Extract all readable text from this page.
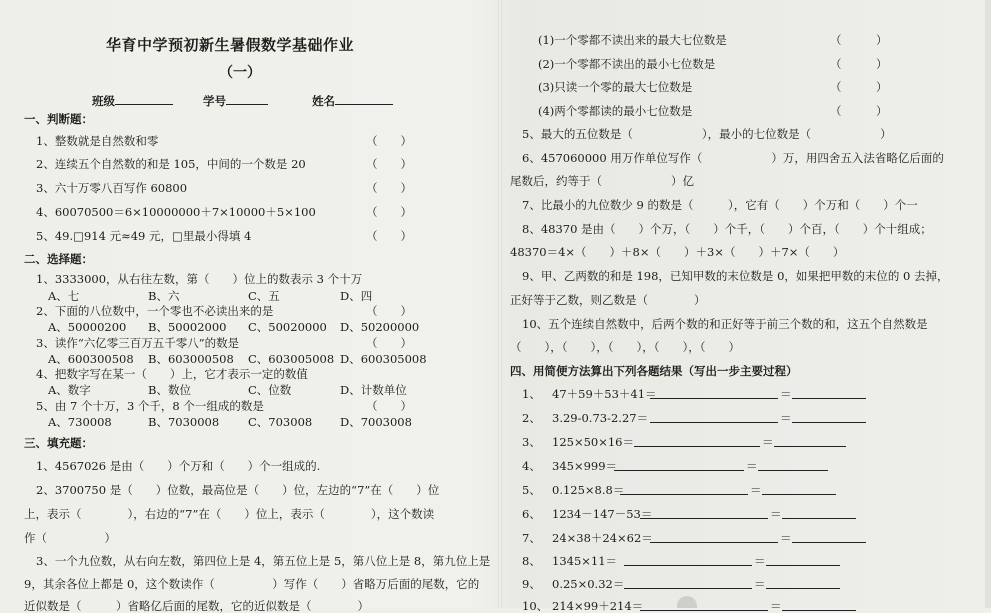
华育中学预初新生暑假数学基础作业
（一）
班级	学号	姓名
一、判断题：
1、整数就是自然数和零	（　　）
2、连续五个自然数的和是 105，中间的一个数是 20	（　　）
3、六十万零八百写作 60800	（　　）
4、60070500＝6×10000000＋7×10000＋5×100	（　　）
5、49.□914 元≈49 元，□里最小得填 4	（　　）
二、选择题：
1、3333000，从右往左数，第（　　）位上的数表示 3 个十万
A、七	B、六	C、五	D、四
2、下面的八位数中，一个零也不必读出来的是	（　　）
A、50000200 B、50002000 C、50020000 D、50200000
3、读作“六亿零三百万五千零八”的数是	（　　）
A、600300508 B、603000508 C、603005008 D、600305008
4、把数字写在某一（　　）上，它才表示一定的数值
A、数字	B、数位	C、位数	D、计数单位
5、由 7 个十万，3 个千，8 个一组成的数是	（　　）
A、730008	B、7030008	C、703008 D、7003008
三、填充题：
1、4567026 是由（　　）个万和（　　）个一组成的.
2、3700750 是（　　）位数，最高位是（　　）位，左边的“7”在（　　）位
上，表示（　　　　），右边的“7”在（　　）位上，表示（　　　　），这个数读
作（　　　　　）
3、一个九位数，从右向左数，第四位上是 4，第五位上是 5，第八位上是 8，第九位上是
9，其余各位上都是 0，这个数读作（　　　　　）写作（　　）省略万后面的尾数，它的
近似数是（　　　）省略亿后面的尾数，它的近似数是（　　　　）
(1)一个零都不读出来的最大七位数是	（　　　）
(2)一个零都不读出的最小七位数是	（　　　）
(3)只读一个零的最大七位数是	（　　　）
(4)两个零都读的最小七位数是	（　　　）
5、最大的五位数是（　　　　　　），最小的七位数是（　　　　　　）
6、457060000 用万作单位写作（　　　　　　）万，用四舍五入法省略亿后面的
尾数后，约等于（　　　　　　）亿
7、比最小的九位数少 9 的数是（　　　），它有（　　）个万和（　　）个一
8、48370 是由（　　）个万，（　　）个千，（　　）个百，（　　）个十组成；
48370＝4×（　　）＋8×（　　）＋3×（　　）＋7×（　　）
9、甲、乙两数的和是 198，已知甲数的末位数是 0，如果把甲数的末位的 0 去掉，
正好等于乙数，则乙数是（　　　　）
10、五个连续自然数中，后两个数的和正好等于前三个数的和，这五个自然数是
（　　），（　　），（　　），（　　），（　　）
四、用简便方法算出下列各题结果（写出一步主要过程）
1、 47＋59＋53＋41＝	＝
2、 3.29-0.73-2.27＝	＝
3、 125×50×16＝	＝
4、 345×999＝	＝
5、 0.125×8.8＝	＝
6、 1234－147－53＝	＝
7、 24×38＋24×62＝	＝
8、 1345×11＝	＝
9、 0.25×0.32＝	＝
10、 214×99＋214＝	＝
